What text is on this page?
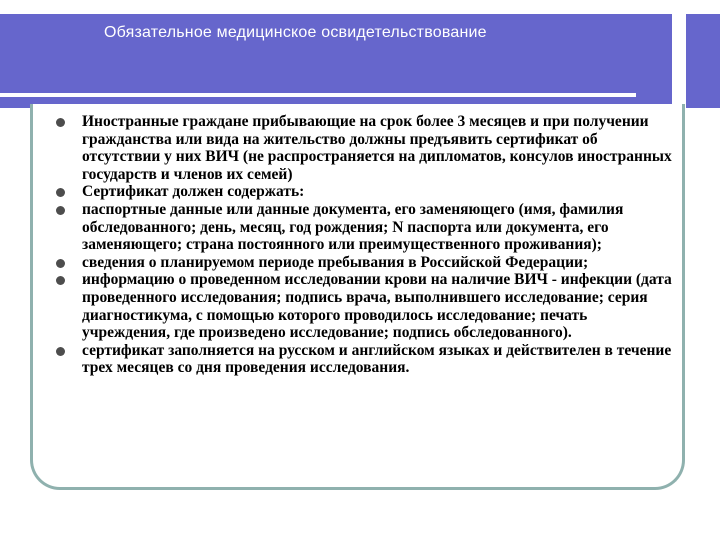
Обязательное медицинское освидетельствование
Иностранные граждане прибывающие на срок более 3 месяцев и при получении гражданства или вида на жительство должны предъявить сертификат об отсутствии у них ВИЧ (не распространяется на дипломатов, консулов иностранных государств и членов их семей)
Сертификат должен содержать:
паспортные данные или данные документа, его заменяющего (имя, фамилия обследованного; день, месяц, год рождения; N паспорта или документа, его заменяющего; страна постоянного или преимущественного проживания);
сведения о планируемом периоде пребывания в Российской Федерации;
информацию о проведенном исследовании крови на наличие ВИЧ - инфекции (дата проведенного исследования; подпись врача, выполнившего исследование; серия диагностикума, с помощью которого проводилось исследование; печать учреждения, где произведено исследование; подпись обследованного).
сертификат заполняется на русском и английском языках и действителен в течение трех месяцев со дня проведения исследования.
